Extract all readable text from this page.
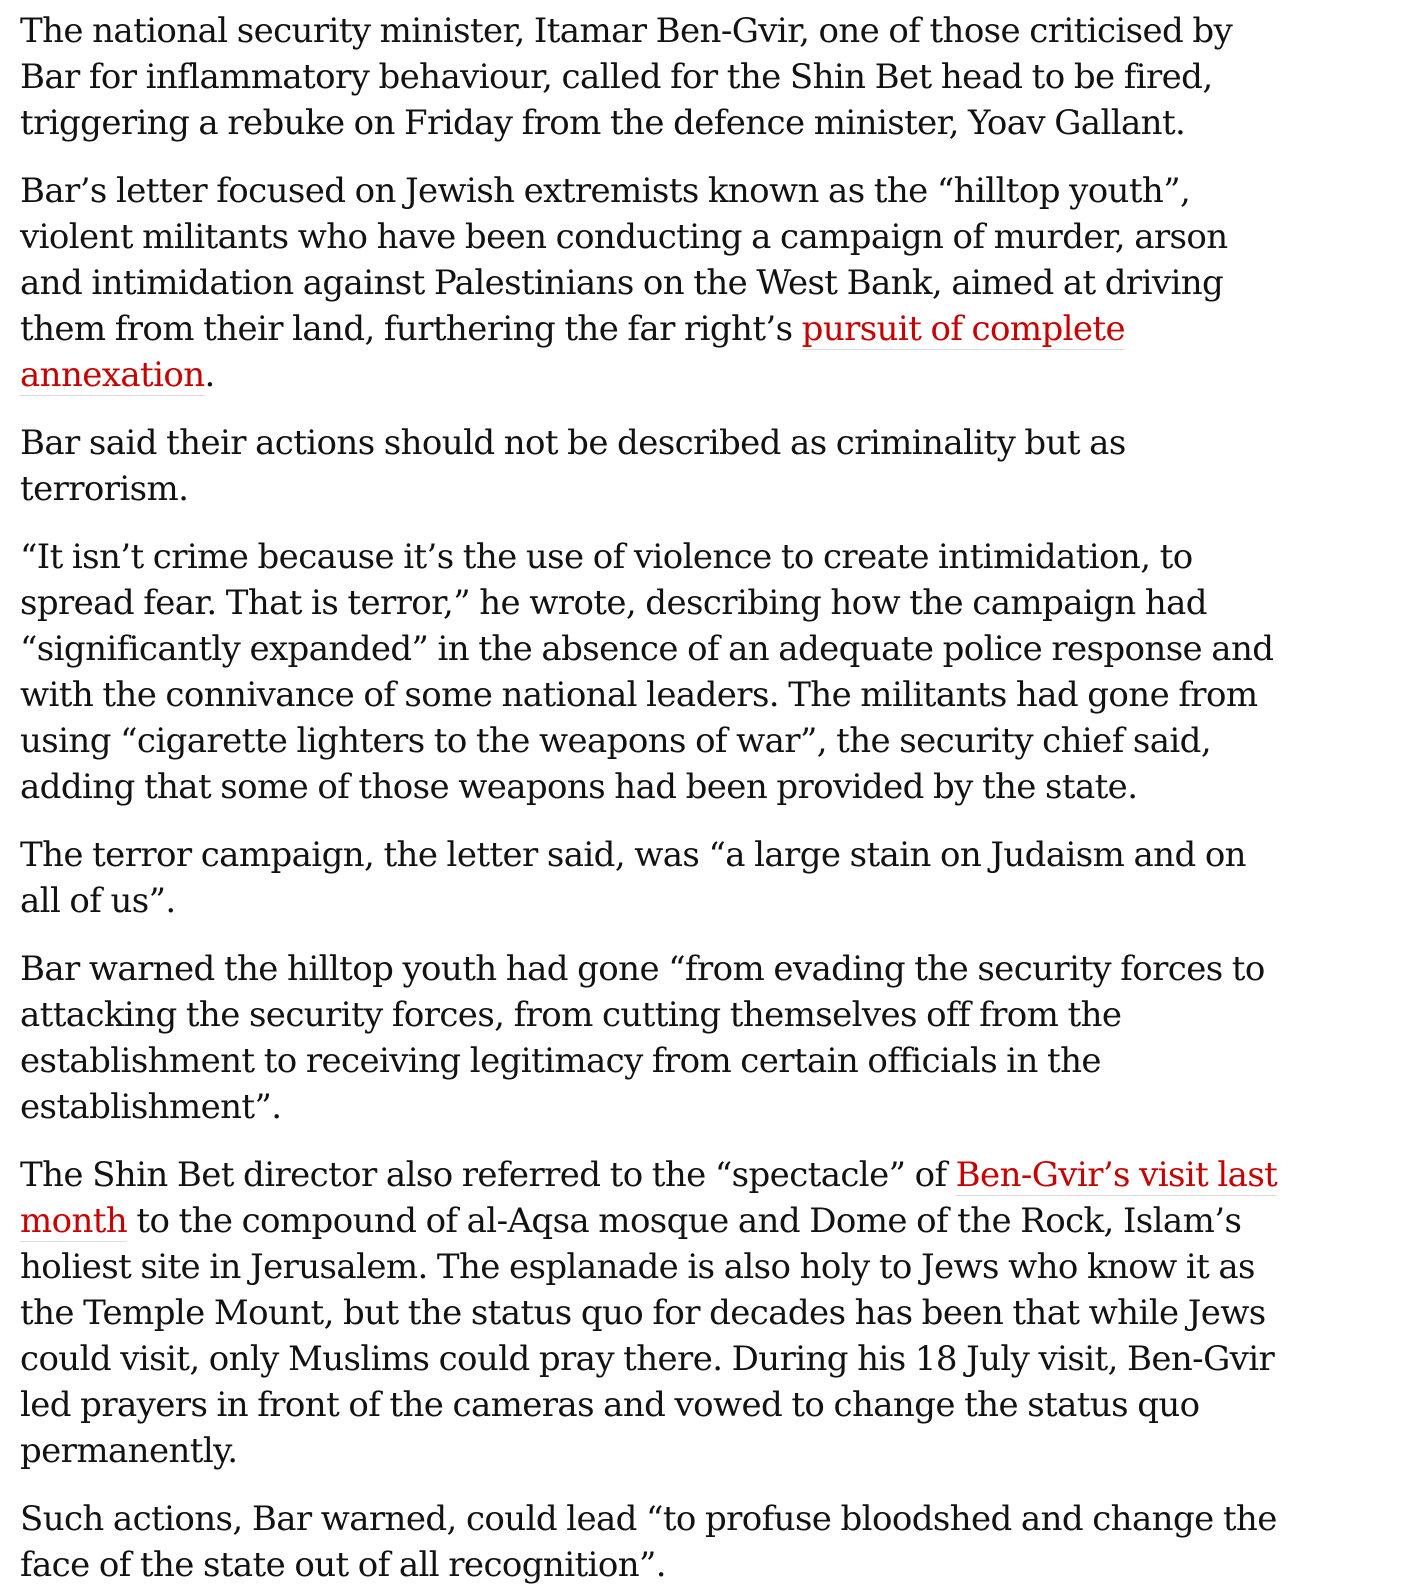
The national security minister, Itamar Ben-Gvir, one of those criticised by Bar for inflammatory behaviour, called for the Shin Bet head to be fired, triggering a rebuke on Friday from the defence minister, Yoav Gallant.

Bar’s letter focused on Jewish extremists known as the “hilltop youth”, violent militants who have been conducting a campaign of murder, arson and intimidation against Palestinians on the West Bank, aimed at driving them from their land, furthering the far right’s pursuit of complete annexation.

Bar said their actions should not be described as criminality but as terrorism.

“It isn’t crime because it’s the use of violence to create intimidation, to spread fear. That is terror,” he wrote, describing how the campaign had “significantly expanded” in the absence of an adequate police response and with the connivance of some national leaders. The militants had gone from using “cigarette lighters to the weapons of war”, the security chief said, adding that some of those weapons had been provided by the state.

The terror campaign, the letter said, was “a large stain on Judaism and on all of us”.

Bar warned the hilltop youth had gone “from evading the security forces to attacking the security forces, from cutting themselves off from the establishment to receiving legitimacy from certain officials in the establishment”.

The Shin Bet director also referred to the “spectacle” of Ben-Gvir’s visit last month to the compound of al-Aqsa mosque and Dome of the Rock, Islam’s holiest site in Jerusalem. The esplanade is also holy to Jews who know it as the Temple Mount, but the status quo for decades has been that while Jews could visit, only Muslims could pray there. During his 18 July visit, Ben-Gvir led prayers in front of the cameras and vowed to change the status quo permanently.

Such actions, Bar warned, could lead “to profuse bloodshed and change the face of the state out of all recognition”.
